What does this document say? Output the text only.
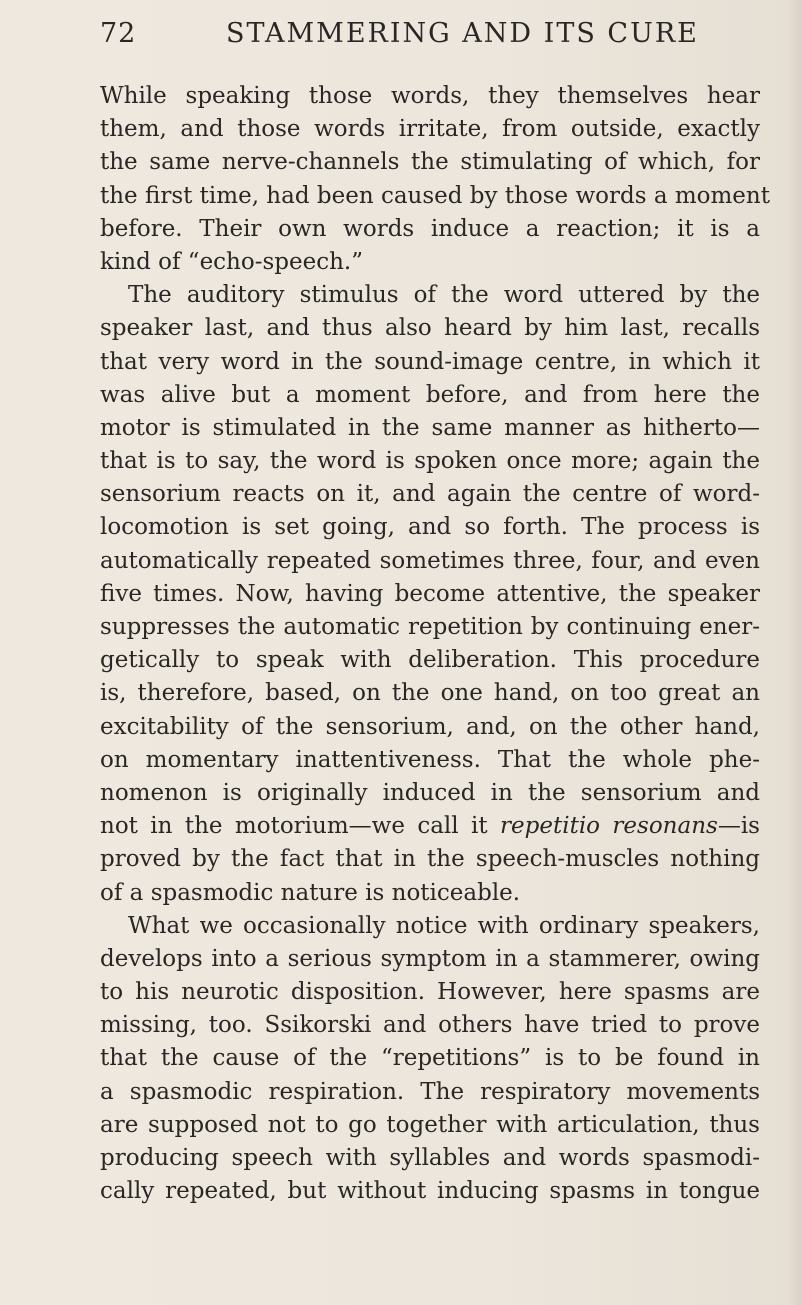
72	STAMMERING AND ITS CURE
While speaking those words, they themselves hear
them, and those words irritate, from outside, exactly
the same nerve-channels the stimulating of which, for
the first time, had been caused by those words a moment
before. Their own words induce a reaction; it is a
kind of “echo-speech.”
The auditory stimulus of the word uttered by the
speaker last, and thus also heard by him last, recalls
that very word in the sound-image centre, in which it
was alive but a moment before, and from here the
motor is stimulated in the same manner as hitherto—
that is to say, the word is spoken once more; again the
sensorium reacts on it, and again the centre of word-
locomotion is set going, and so forth. The process is
automatically repeated sometimes three, four, and even
five times. Now, having become attentive, the speaker
suppresses the automatic repetition by continuing ener-
getically to speak with deliberation. This procedure
is, therefore, based, on the one hand, on too great an
excitability of the sensorium, and, on the other hand,
on momentary inattentiveness. That the whole phe-
nomenon is originally induced in the sensorium and
not in the motorium—we call it repetitio resonans—is
proved by the fact that in the speech-muscles nothing
of a spasmodic nature is noticeable.
What we occasionally notice with ordinary speakers,
develops into a serious symptom in a stammerer, owing
to his neurotic disposition. However, here spasms are
missing, too. Ssikorski and others have tried to prove
that the cause of the “repetitions” is to be found in
a spasmodic respiration. The respiratory movements
are supposed not to go together with articulation, thus
producing speech with syllables and words spasmodi-
cally repeated, but without inducing spasms in tongue
